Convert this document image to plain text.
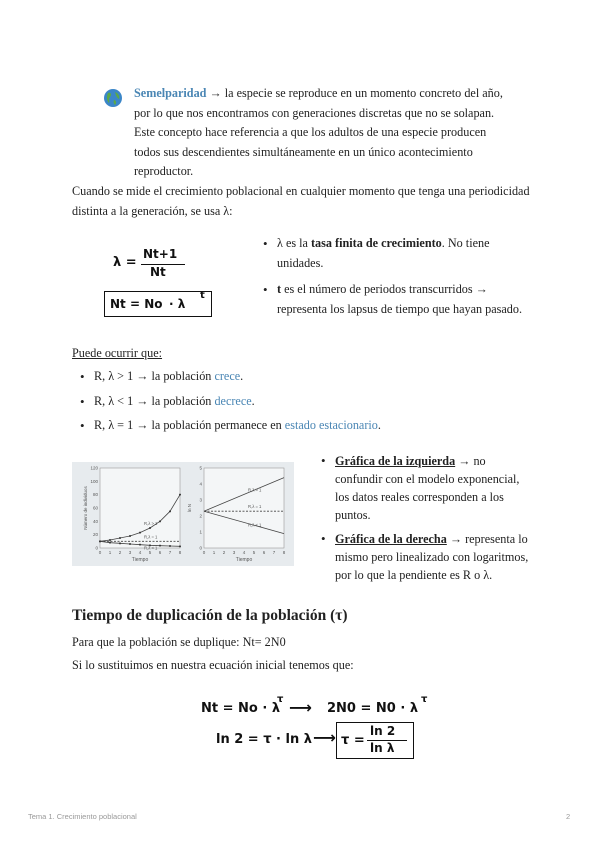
Semelparidad → la especie se reproduce en un momento concreto del año, por lo que nos encontramos con generaciones discretas que no se solapan. Este concepto hace referencia a que los adultos de una especie producen todos sus descendientes simultáneamente en un único acontecimiento reproductor.
Cuando se mide el crecimiento poblacional en cualquier momento que tenga una periodicidad distinta a la generación, se usa λ:
λ =
Nt+1
Nt
Nt = No · λ
t
• λ es la tasa finita de crecimiento. No tiene unidades.
• t es el número de periodos transcurridos → representa los lapsus de tiempo que hayan pasado.
Puede ocurrir que:
• R, λ > 1 → la población crece.
• R, λ < 1 → la población decrece.
• R, λ = 1 → la población permanece en estado estacionario.
0 1 2 3 4 5 6 7 8
0
20
40
60
80
100
120
Tiempo
Número de individuos	R,λ > 1
R,λ = 1
R,λ < 1
0 1 2 3 4 5 6 7 8
0
1
2
3
4
5
Tiempo
ln N
R,λ > 1
R,λ = 1
R,λ < 1
• Gráfica de la izquierda → no confundir con el modelo exponencial, los datos reales corresponden a los puntos.
• Gráfica de la derecha → representa lo mismo pero linealizado con logaritmos, por lo que la pendiente es R o λ.
Tiempo de duplicación de la población (τ)
Para que la población se duplique: Nt= 2N0
Si lo sustituimos en nuestra ecuación inicial tenemos que:
Nt = No · λ
τ ⟶ 2N0 = N0 · λ
τ
ln 2 = τ · ln λ ⟶ τ =
ln 2
ln λ
Tema 1. Crecimiento poblacional	2
